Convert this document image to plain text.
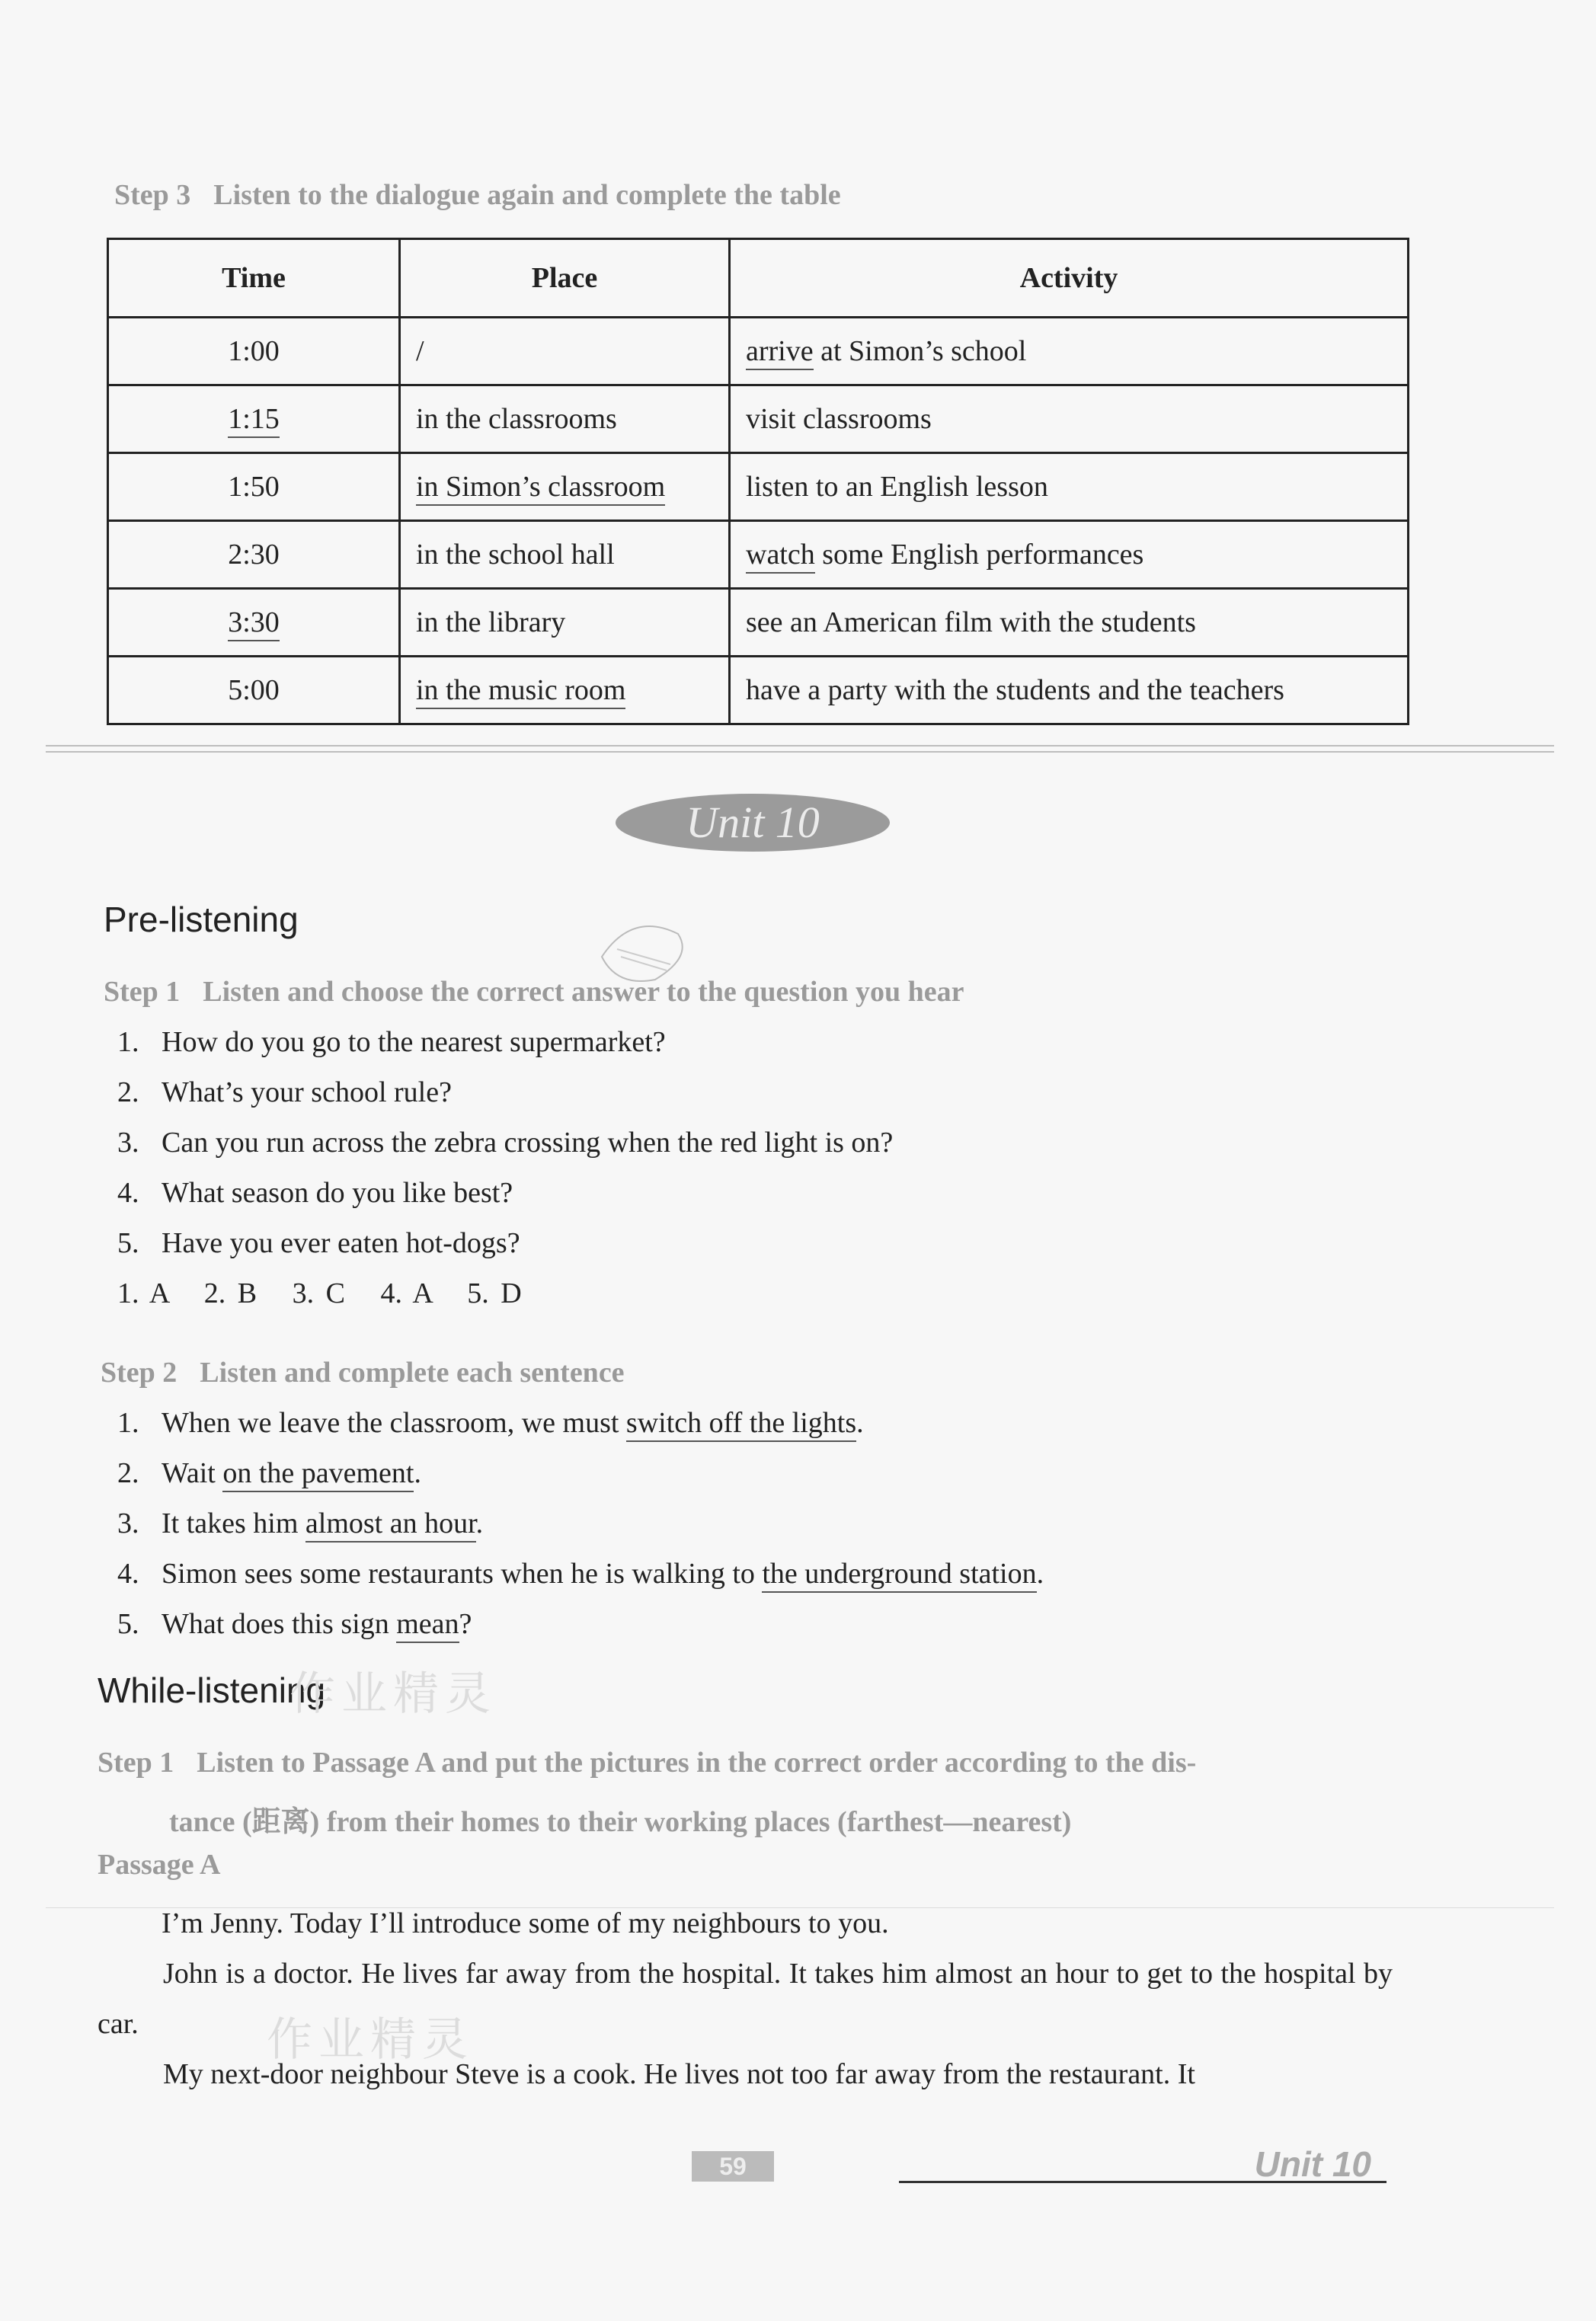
Step 3 Listen to the dialogue again and complete the table
Time	Place	Activity
1:00	/	arrive at Simon’s school
1:15	in the classrooms	visit classrooms
1:50	in Simon’s classroom	listen to an English lesson
2:30	in the school hall	watch some English performances
3:30	in the library	see an American film with the students
5:00	in the music room	have a party with the students and the teachers
Unit 10
Pre-listening
Step 1 Listen and choose the correct answer to the question you hear
1. How do you go to the nearest supermarket?
2. What’s your school rule?
3. Can you run across the zebra crossing when the red light is on?
4. What season do you like best?
5. Have you ever eaten hot-dogs?
1. A   2. B   3. C   4. A   5. D
Step 2 Listen and complete each sentence
1. When we leave the classroom, we must switch off the lights.
2. Wait on the pavement.
3. It takes him almost an hour.
4. Simon sees some restaurants when he is walking to the underground station.
5. What does this sign mean?
While-listening
作业精灵
Step 1 Listen to Passage A and put the pictures in the correct order according to the dis-
tance (距离) from their homes to their working places (farthest—nearest)
Passage A
I’m Jenny. Today I’ll introduce some of my neighbours to you.
John is a doctor. He lives far away from the hospital. It takes him almost an hour to get to the hospital by car.	作业精灵
My next-door neighbour Steve is a cook. He lives not too far away from the restaurant. It
59	Unit 10
